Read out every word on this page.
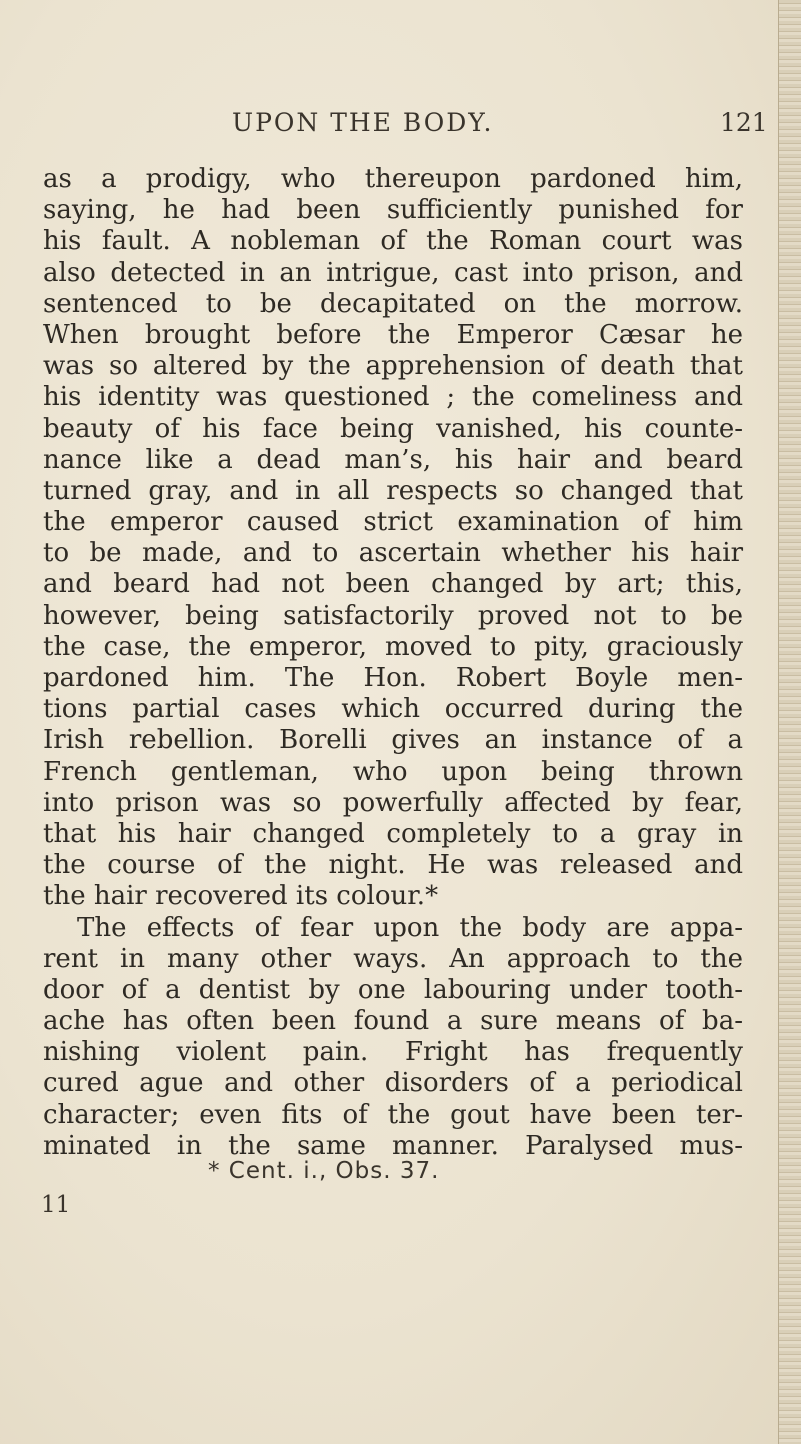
UPON THE BODY.	121
as a prodigy, who thereupon pardoned him,
saying, he had been sufficiently punished for
his fault. A nobleman of the Roman court was
also detected in an intrigue, cast into prison, and
sentenced to be decapitated on the morrow.
When brought before the Emperor Cæsar he
was so altered by the apprehension of death that
his identity was questioned ; the comeliness and
beauty of his face being vanished, his counte-
nance like a dead man’s, his hair and beard
turned gray, and in all respects so changed that
the emperor caused strict examination of him
to be made, and to ascertain whether his hair
and beard had not been changed by art; this,
however, being satisfactorily proved not to be
the case, the emperor, moved to pity, graciously
pardoned him. The Hon. Robert Boyle men-
tions partial cases which occurred during the
Irish rebellion. Borelli gives an instance of a
French gentleman, who upon being thrown
into prison was so powerfully affected by fear,
that his hair changed completely to a gray in
the course of the night. He was released and
the hair recovered its colour.*
The effects of fear upon the body are appa-
rent in many other ways. An approach to the
door of a dentist by one labouring under tooth-
ache has often been found a sure means of ba-
nishing violent pain. Fright has frequently
cured ague and other disorders of a periodical
character; even fits of the gout have been ter-
minated in the same manner. Paralysed mus-
* Cent. i., Obs. 37.
11
